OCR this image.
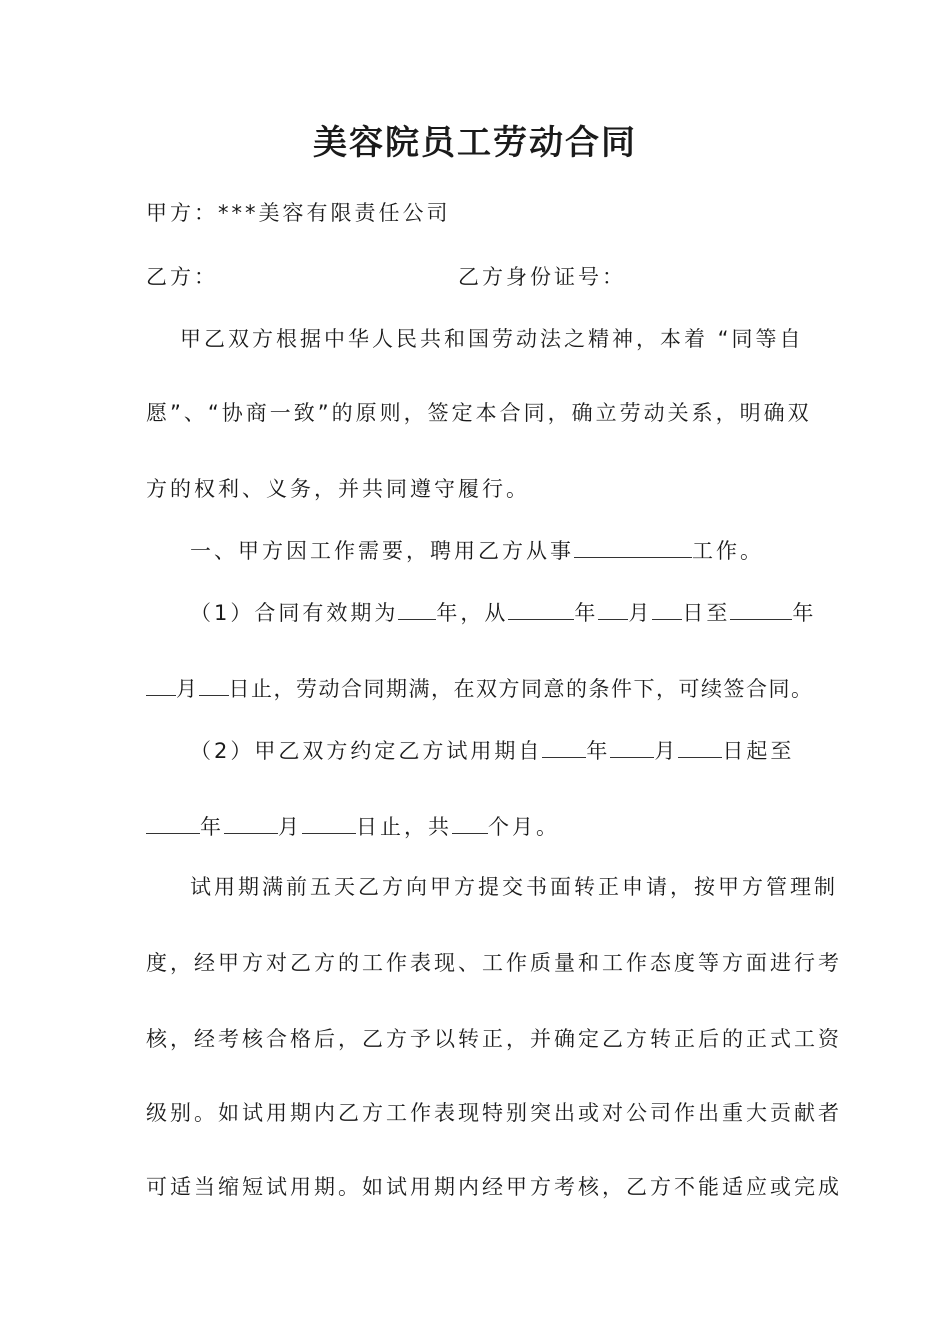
美容院员工劳动合同
甲方：***美容有限责任公司
乙方：	乙方身份证号：
甲乙双方根据中华人民共和国劳动法之精神，本着 “同等自
愿”、“协商一致”的原则，签定本合同，确立劳动关系，明确双
方的权利、义务，并共同遵守履行。
一、甲方因工作需要，聘用乙方从事	工作。
（1）合同有效期为 年，从	年 月 日至	年
月 日止，劳动合同期满，在双方同意的条件下，可续签合同。
（2）甲乙双方约定乙方试用期自 年 月 日起至
年	月	日止，共 个月。
试用期满前五天乙方向甲方提交书面转正申请，按甲方管理制
度，经甲方对乙方的工作表现、工作质量和工作态度等方面进行考
核，经考核合格后，乙方予以转正，并确定乙方转正后的正式工资
级别。如试用期内乙方工作表现特别突出或对公司作出重大贡献者
可适当缩短试用期。如试用期内经甲方考核，乙方不能适应或完成
